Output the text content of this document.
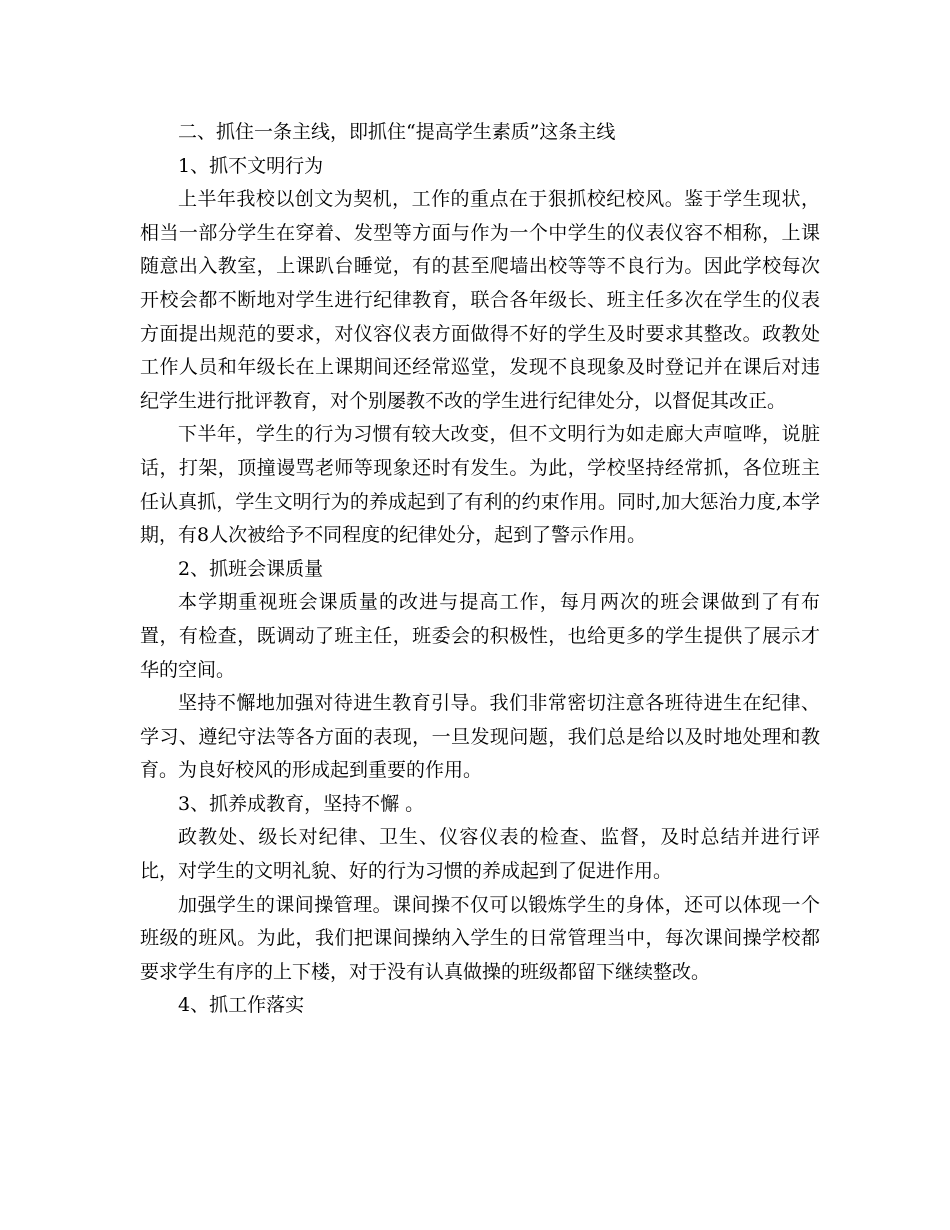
二、抓住一条主线，即抓住“提高学生素质”这条主线

1、抓不文明行为

上半年我校以创文为契机，工作的重点在于狠抓校纪校风。鉴于学生现状，相当一部分学生在穿着、发型等方面与作为一个中学生的仪表仪容不相称，上课随意出入教室，上课趴台睡觉，有的甚至爬墙出校等等不良行为。因此学校每次开校会都不断地对学生进行纪律教育，联合各年级长、班主任多次在学生的仪表方面提出规范的要求，对仪容仪表方面做得不好的学生及时要求其整改。政教处工作人员和年级长在上课期间还经常巡堂，发现不良现象及时登记并在课后对违纪学生进行批评教育，对个别屡教不改的学生进行纪律处分，以督促其改正。

下半年，学生的行为习惯有较大改变，但不文明行为如走廊大声喧哗，说脏话，打架，顶撞谩骂老师等现象还时有发生。为此，学校坚持经常抓，各位班主任认真抓，学生文明行为的养成起到了有利的约束作用。同时,加大惩治力度,本学期，有8人次被给予不同程度的纪律处分，起到了警示作用。

2、抓班会课质量

本学期重视班会课质量的改进与提高工作，每月两次的班会课做到了有布置，有检查，既调动了班主任，班委会的积极性，也给更多的学生提供了展示才华的空间。

坚持不懈地加强对待进生教育引导。我们非常密切注意各班待进生在纪律、学习、遵纪守法等各方面的表现，一旦发现问题，我们总是给以及时地处理和教育。为良好校风的形成起到重要的作用。

3、抓养成教育，坚持不懈 。

政教处、级长对纪律、卫生、仪容仪表的检查、监督，及时总结并进行评比，对学生的文明礼貌、好的行为习惯的养成起到了促进作用。

加强学生的课间操管理。课间操不仅可以锻炼学生的身体，还可以体现一个班级的班风。为此，我们把课间操纳入学生的日常管理当中，每次课间操学校都要求学生有序的上下楼，对于没有认真做操的班级都留下继续整改。

4、抓工作落实
